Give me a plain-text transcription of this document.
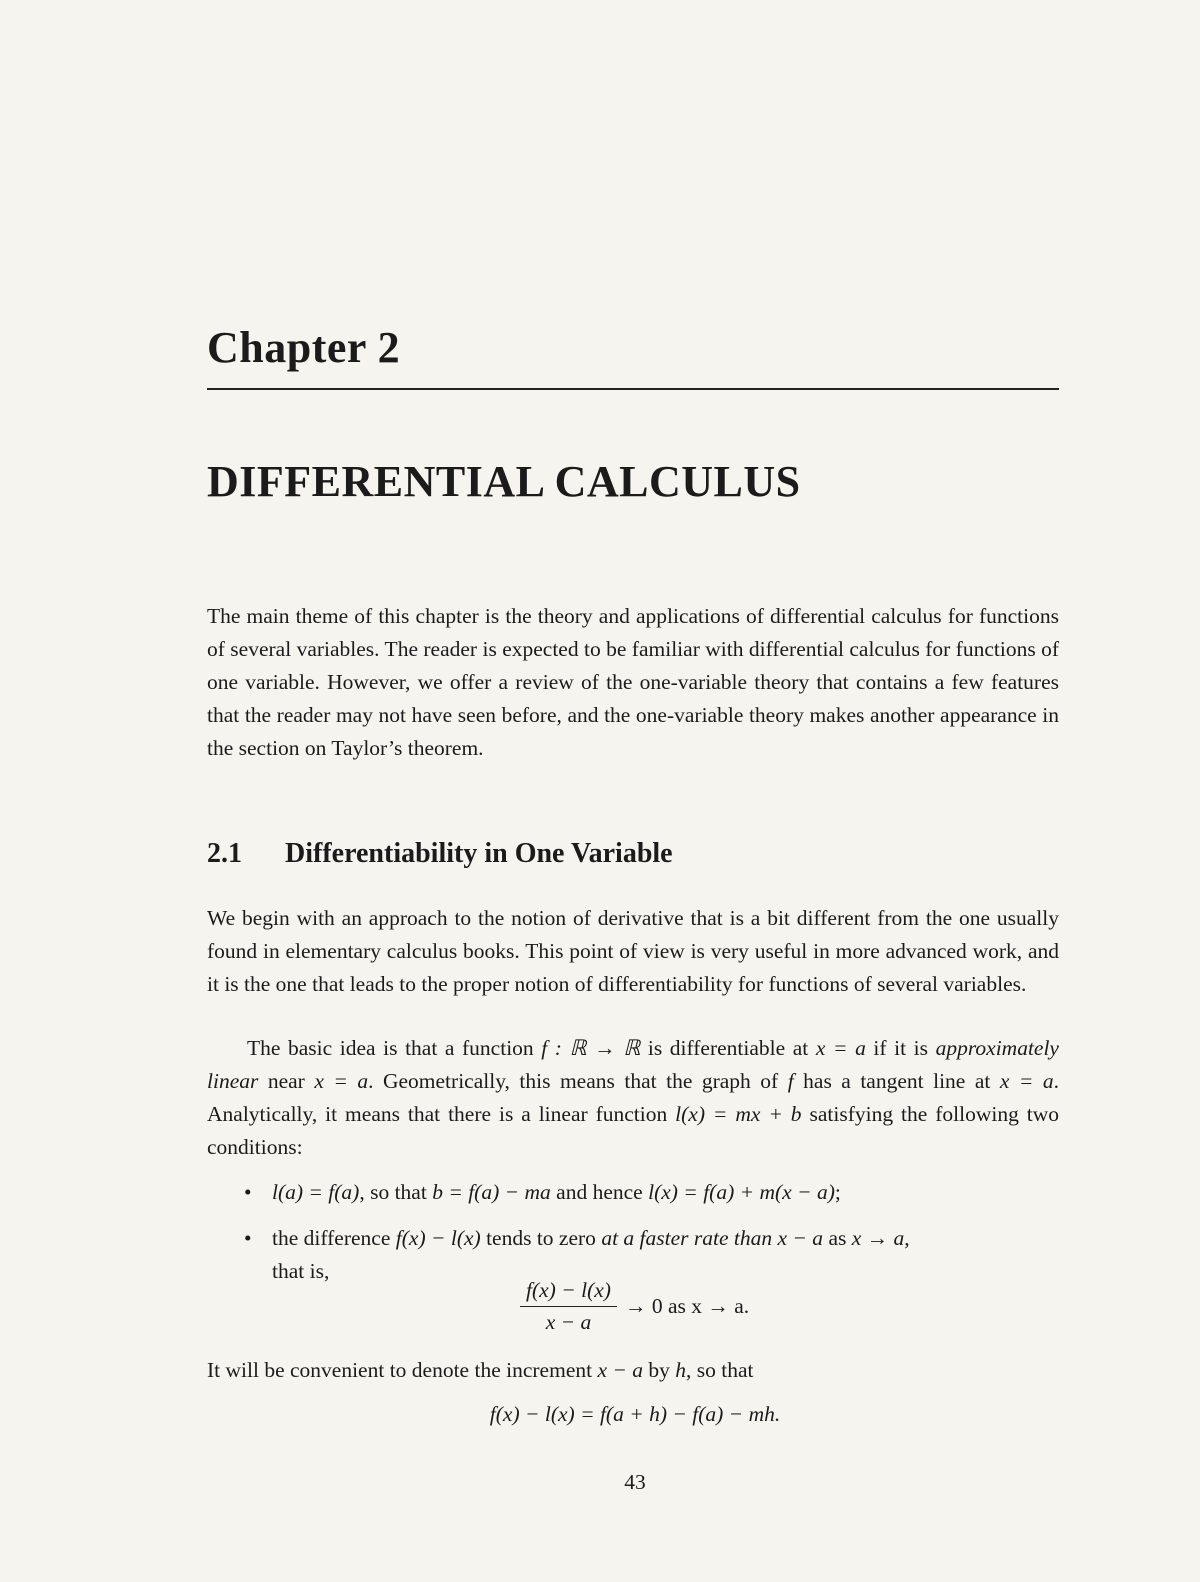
Chapter 2
DIFFERENTIAL CALCULUS

The main theme of this chapter is the theory and applications of differential calculus for functions of several variables. The reader is expected to be familiar with differential calculus for functions of one variable. However, we offer a review of the one-variable theory that contains a few features that the reader may not have seen before, and the one-variable theory makes another appearance in the section on Taylor’s theorem.

2.1 Differentiability in One Variable

We begin with an approach to the notion of derivative that is a bit different from the one usually found in elementary calculus books. This point of view is very useful in more advanced work, and it is the one that leads to the proper notion of differentiability for functions of several variables.

The basic idea is that a function f : ℝ → ℝ is differentiable at x = a if it is approximately linear near x = a. Geometrically, this means that the graph of f has a tangent line at x = a. Analytically, it means that there is a linear function l(x) = mx + b satisfying the following two conditions:

• l(a) = f(a), so that b = f(a) − ma and hence l(x) = f(a) + m(x − a);
• the difference f(x) − l(x) tends to zero at a faster rate than x − a as x → a,
that is,
$\frac{f(x) - l(x)}{x - a} \to 0$ as x → a.

It will be convenient to denote the increment x − a by h, so that

f(x) − l(x) = f(a + h) − f(a) − mh.
43
